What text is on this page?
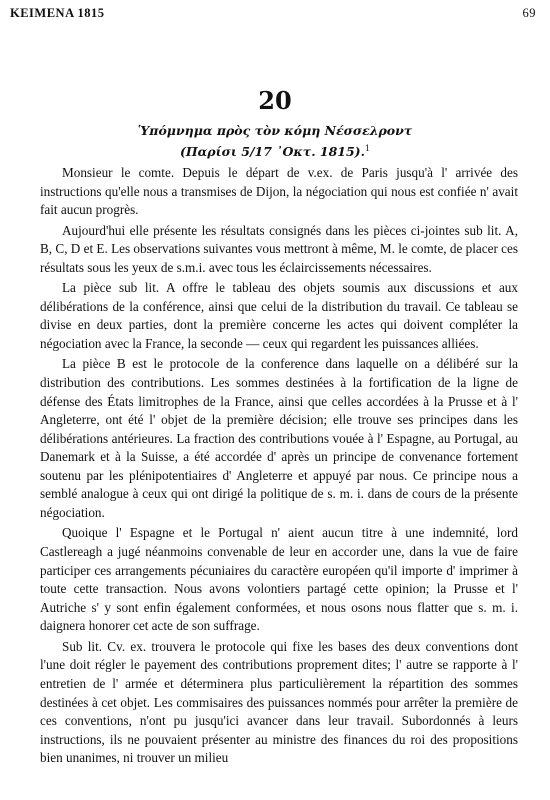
KEIMENA 1815	69
20
Ὑπόμνημα πρὸς τὸν κόμη Νέσσελροντ
(Παρίσι 5/17 ᾽Οκτ. 1815).$^1$

Monsieur le comte. Depuis le départ de v.ex. de Paris jusqu'à l' arrivée des instructions qu'elle nous a transmises de Dijon, la négociation qui nous est confiée n' avait fait aucun progrès.

Aujourd'hui elle présente les résultats consignés dans les pièces ci-jointes sub lit. A, B, C, D et E. Les observations suivantes vous mettront à même, M. le comte, de placer ces résultats sous les yeux de s.m.i. avec tous les éclaircissements nécessaires.

La pièce sub lit. A offre le tableau des objets soumis aux discussions et aux délibérations de la conférence, ainsi que celui de la distribution du travail. Ce tableau se divise en deux parties, dont la première concerne les actes qui doivent compléter la négociation avec la France, la seconde — ceux qui regardent les puissances alliées.

La pièce B est le protocole de la conference dans laquelle on a délibéré sur la distribution des contributions. Les sommes destinées à la fortification de la ligne de défense des États limitrophes de la France, ainsi que celles accordées à la Prusse et à l' Angleterre, ont été l' objet de la première décision; elle trouve ses principes dans les délibérations antérieures. La fraction des contributions vouée à l' Espagne, au Portugal, au Danemark et à la Suisse, a été accordée d' après un principe de convenance fortement soutenu par les plénipotentiaires d' Angleterre et appuyé par nous. Ce principe nous a semblé analogue à ceux qui ont dirigé la politique de s. m. i. dans de cours de la présente négociation.

Quoique l' Espagne et le Portugal n' aient aucun titre à une indemnité, lord Castlereagh a jugé néanmoins convenable de leur en accorder une, dans la vue de faire participer ces arrangements pécuniaires du caractère européen qu'il importe d' imprimer à toute cette transaction. Nous avons volontiers partagé cette opinion; la Prusse et l' Autriche s' y sont enfin également conformées, et nous osons nous flatter que s. m. i. daignera honorer cet acte de son suffrage.

Sub lit. Cv. ex. trouvera le protocole qui fixe les bases des deux conventions dont l'une doit régler le payement des contributions proprement dites; l' autre se rapporte à l' entretien de l' armée et déterminera plus particulièrement la répartition des sommes destinées à cet objet. Les commisaires des puissances nommés pour arrêter la première de ces conventions, n'ont pu jusqu'ici avancer dans leur travail. Subordonnés à leurs instructions, ils ne pouvaient présenter au ministre des finances du roi des propositions bien unanimes, ni trouver un milieu
